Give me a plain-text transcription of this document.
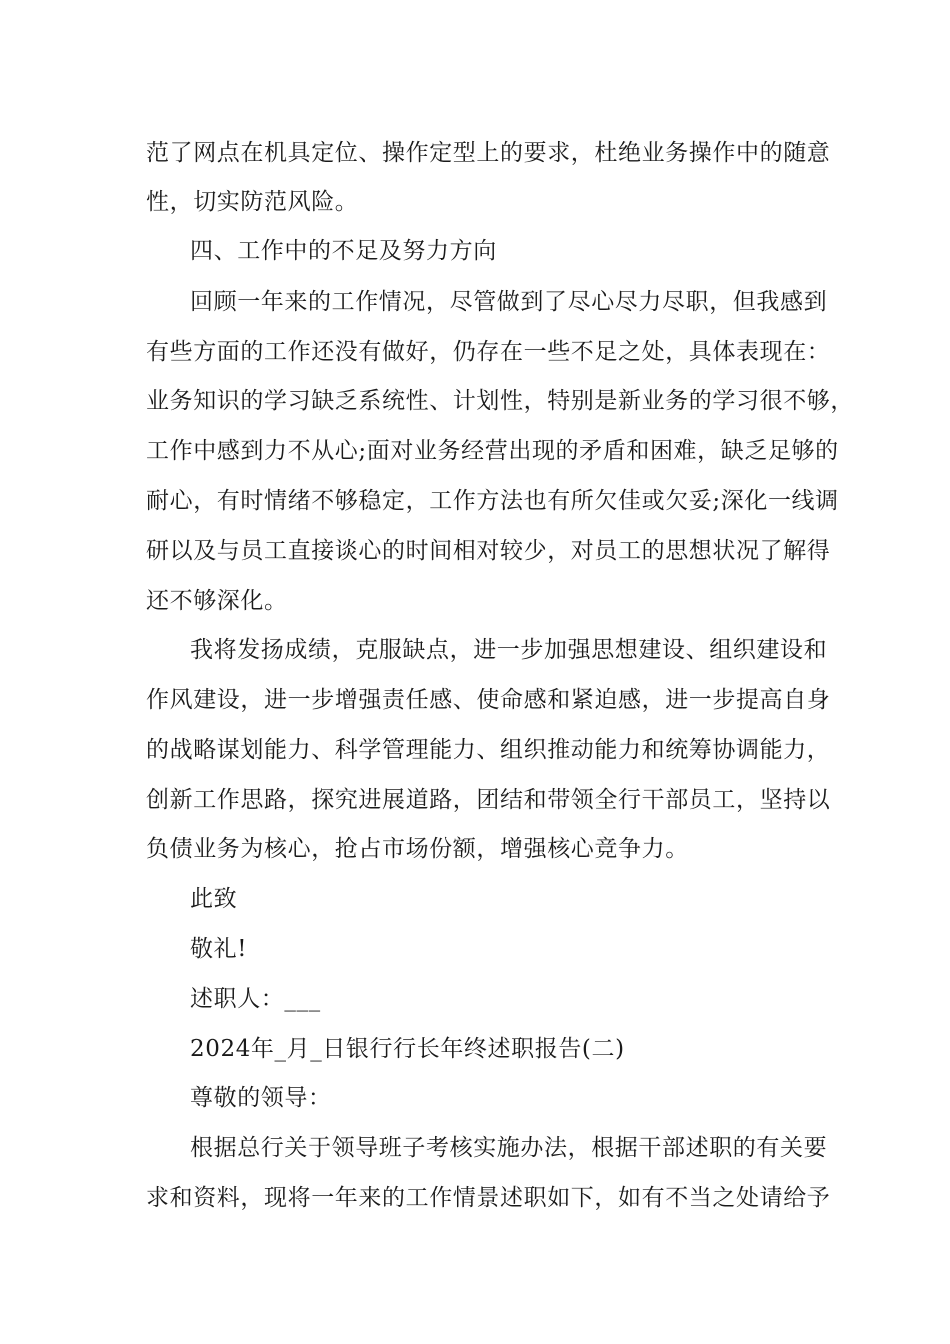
范了网点在机具定位、操作定型上的要求，杜绝业务操作中的随意
性，切实防范风险。
四、工作中的不足及努力方向
回顾一年来的工作情况，尽管做到了尽心尽力尽职，但我感到
有些方面的工作还没有做好，仍存在一些不足之处，具体表现在：
业务知识的学习缺乏系统性、计划性，特别是新业务的学习很不够，
工作中感到力不从心;面对业务经营出现的矛盾和困难，缺乏足够的
耐心，有时情绪不够稳定，工作方法也有所欠佳或欠妥;深化一线调
研以及与员工直接谈心的时间相对较少，对员工的思想状况了解得
还不够深化。
我将发扬成绩，克服缺点，进一步加强思想建设、组织建设和
作风建设，进一步增强责任感、使命感和紧迫感，进一步提高自身
的战略谋划能力、科学管理能力、组织推动能力和统筹协调能力，
创新工作思路，探究进展道路，团结和带领全行干部员工，坚持以
负债业务为核心，抢占市场份额，增强核心竞争力。
此致
敬礼!
述职人：___
2024年_月_日银行行长年终述职报告(二)
尊敬的领导：
根据总行关于领导班子考核实施办法，根据干部述职的有关要
求和资料，现将一年来的工作情景述职如下，如有不当之处请给予
